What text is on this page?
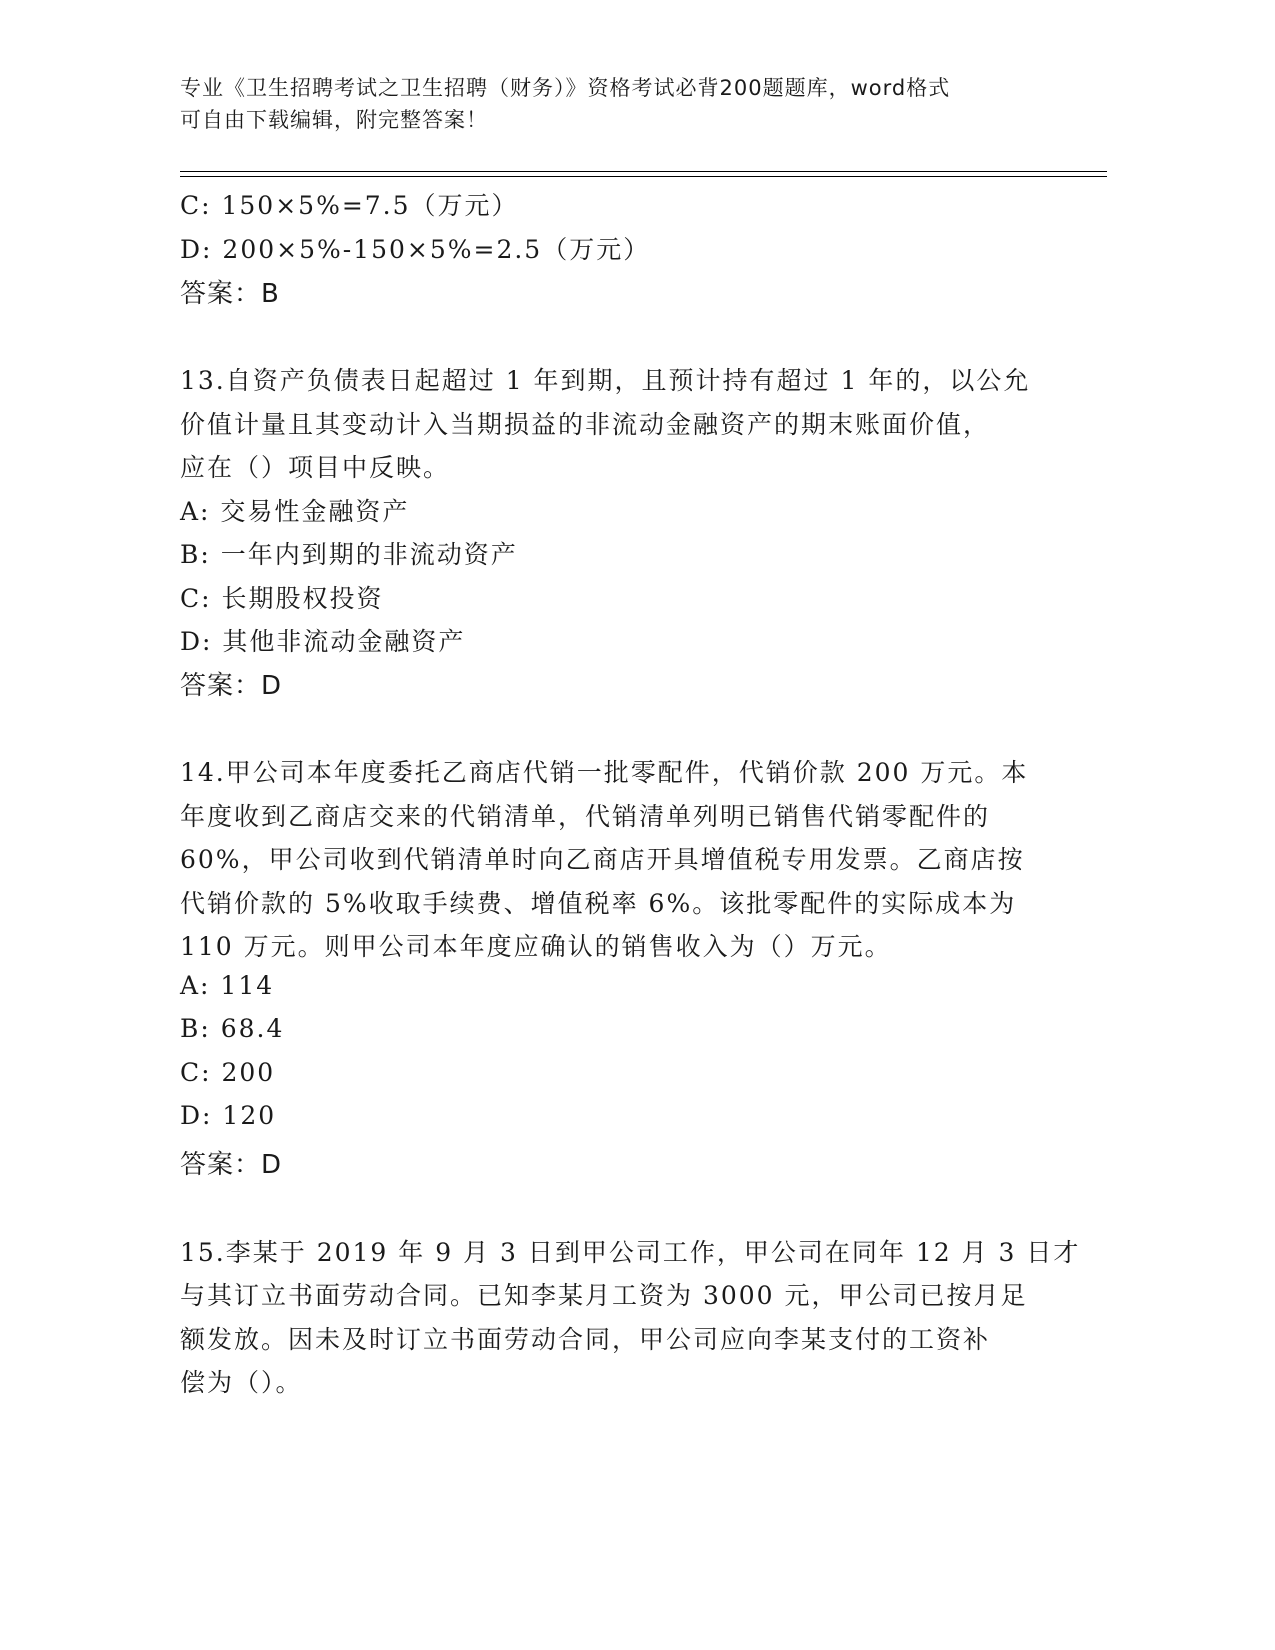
专业《卫生招聘考试之卫生招聘（财务）》资格考试必背200题题库，word格式
可自由下载编辑，附完整答案！
C: 150×5%=7.5（万元）
D: 200×5%-150×5%=2.5（万元）
答案：B
13.自资产负债表日起超过 1 年到期，且预计持有超过 1 年的，以公允
价值计量且其变动计入当期损益的非流动金融资产的期末账面价值，
应在（）项目中反映。
A: 交易性金融资产
B: 一年内到期的非流动资产
C: 长期股权投资
D: 其他非流动金融资产
答案：D
14.甲公司本年度委托乙商店代销一批零配件，代销价款 200 万元。本
年度收到乙商店交来的代销清单，代销清单列明已销售代销零配件的
60%，甲公司收到代销清单时向乙商店开具增值税专用发票。乙商店按
代销价款的 5%收取手续费、增值税率 6%。该批零配件的实际成本为
110 万元。则甲公司本年度应确认的销售收入为（）万元。
A: 114
B: 68.4
C: 200
D: 120
答案：D
15.李某于 2019 年 9 月 3 日到甲公司工作，甲公司在同年 12 月 3 日才
与其订立书面劳动合同。已知李某月工资为 3000 元，甲公司已按月足
额发放。因未及时订立书面劳动合同，甲公司应向李某支付的工资补
偿为（）。
